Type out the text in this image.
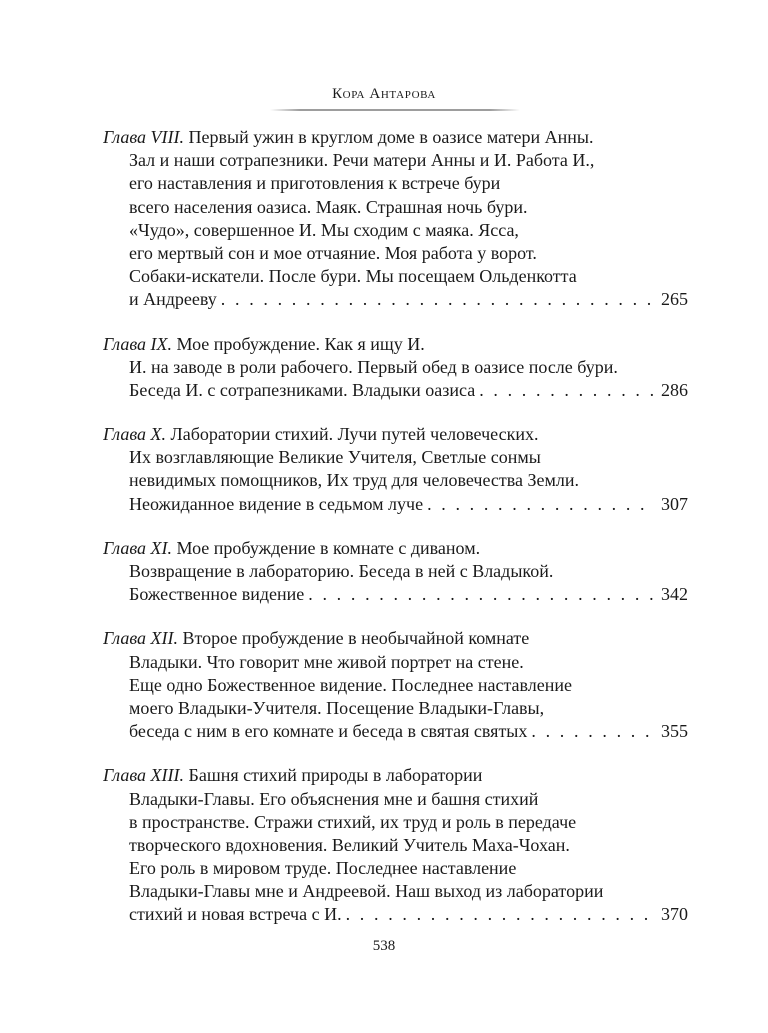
Кора Антарова
Глава VIII. Первый ужин в круглом доме в оазисе матери Анны.
Зал и наши сотрапезники. Речи матери Анны и И. Работа И.,
его наставления и приготовления к встрече бури
всего населения оазиса. Маяк. Страшная ночь бури.
«Чудо», совершенное И. Мы сходим с маяка. Ясса,
его мертвый сон и мое отчаяние. Моя работа у ворот.
Собаки-искатели. После бури. Мы посещаем Ольденкотта
и Андрееву . . .	265
Глава IX. Мое пробуждение. Как я ищу И.
И. на заводе в роли рабочего. Первый обед в оазисе после бури.
Беседа И. с сотрапезниками. Владыки оазиса . . .	286
Глава X. Лаборатории стихий. Лучи путей человеческих.
Их возглавляющие Великие Учителя, Светлые сонмы
невидимых помощников, Их труд для человечества Земли.
Неожиданное видение в седьмом луче . . .	307
Глава XI. Мое пробуждение в комнате с диваном.
Возвращение в лабораторию. Беседа в ней с Владыкой.
Божественное видение . . .	342
Глава XII. Второе пробуждение в необычайной комнате
Владыки. Что говорит мне живой портрет на стене.
Еще одно Божественное видение. Последнее наставление
моего Владыки-Учителя. Посещение Владыки-Главы,
беседа с ним в его комнате и беседа в святая святых . . .	355
Глава XIII. Башня стихий природы в лаборатории
Владыки-Главы. Его объяснения мне и башня стихий
в пространстве. Стражи стихий, их труд и роль в передаче
творческого вдохновения. Великий Учитель Маха-Чохан.
Его роль в мировом труде. Последнее наставление
Владыки-Главы мне и Андреевой. Наш выход из лаборатории
стихий и новая встреча с И. . . .	370
538
